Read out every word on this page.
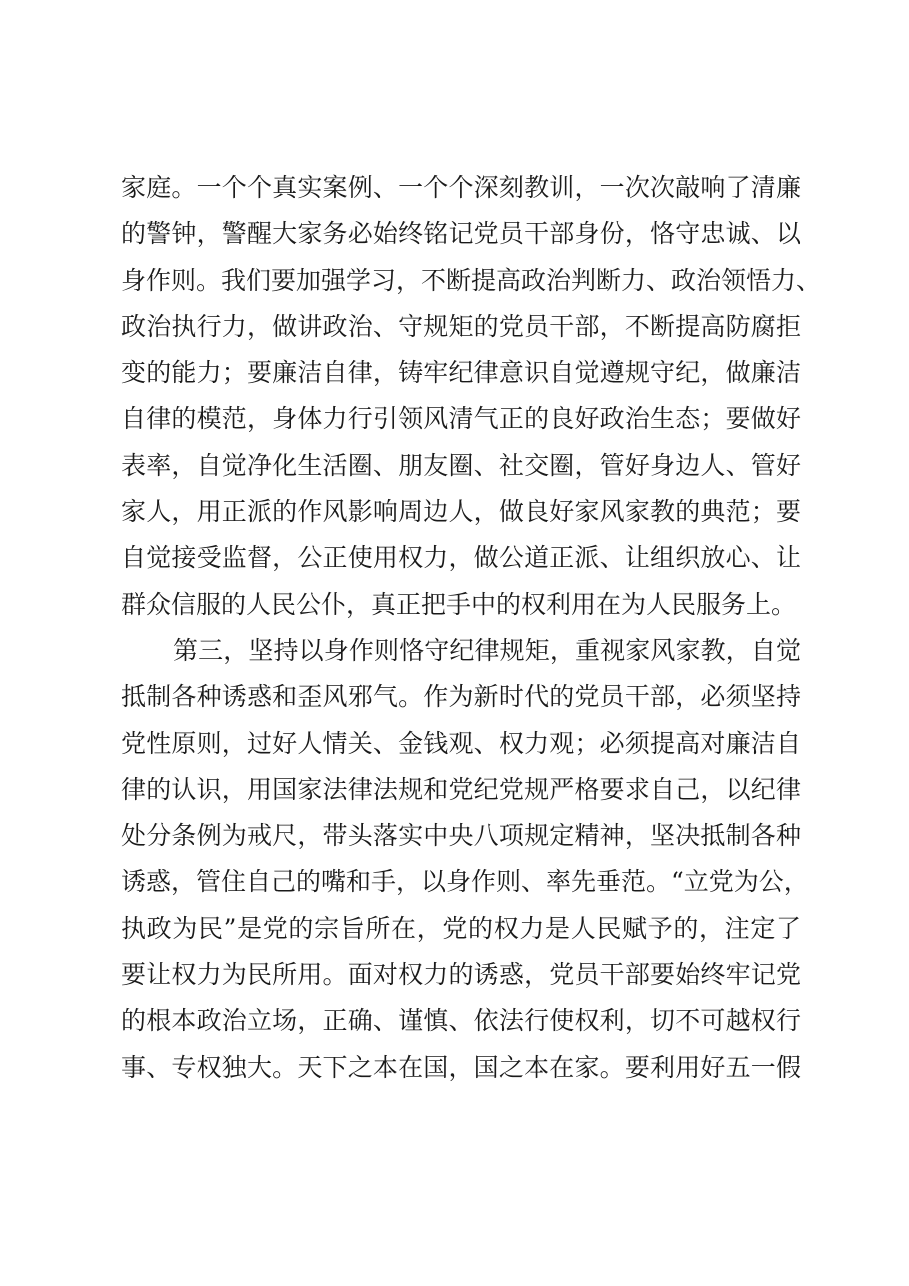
家庭。一个个真实案例、一个个深刻教训，一次次敲响了清廉
的警钟，警醒大家务必始终铭记党员干部身份，恪守忠诚、以
身作则。我们要加强学习，不断提高政治判断力、政治领悟力、
政治执行力，做讲政治、守规矩的党员干部，不断提高防腐拒
变的能力；要廉洁自律，铸牢纪律意识自觉遵规守纪，做廉洁
自律的模范，身体力行引领风清气正的良好政治生态；要做好
表率，自觉净化生活圈、朋友圈、社交圈，管好身边人、管好
家人，用正派的作风影响周边人，做良好家风家教的典范；要
自觉接受监督，公正使用权力，做公道正派、让组织放心、让
群众信服的人民公仆，真正把手中的权利用在为人民服务上。
第三，坚持以身作则恪守纪律规矩，重视家风家教，自觉
抵制各种诱惑和歪风邪气。作为新时代的党员干部，必须坚持
党性原则，过好人情关、金钱观、权力观；必须提高对廉洁自
律的认识，用国家法律法规和党纪党规严格要求自己，以纪律
处分条例为戒尺，带头落实中央八项规定精神，坚决抵制各种
诱惑，管住自己的嘴和手，以身作则、率先垂范。“立党为公，
执政为民”是党的宗旨所在，党的权力是人民赋予的，注定了
要让权力为民所用。面对权力的诱惑，党员干部要始终牢记党
的根本政治立场，正确、谨慎、依法行使权利，切不可越权行
事、专权独大。天下之本在国，国之本在家。要利用好五一假
